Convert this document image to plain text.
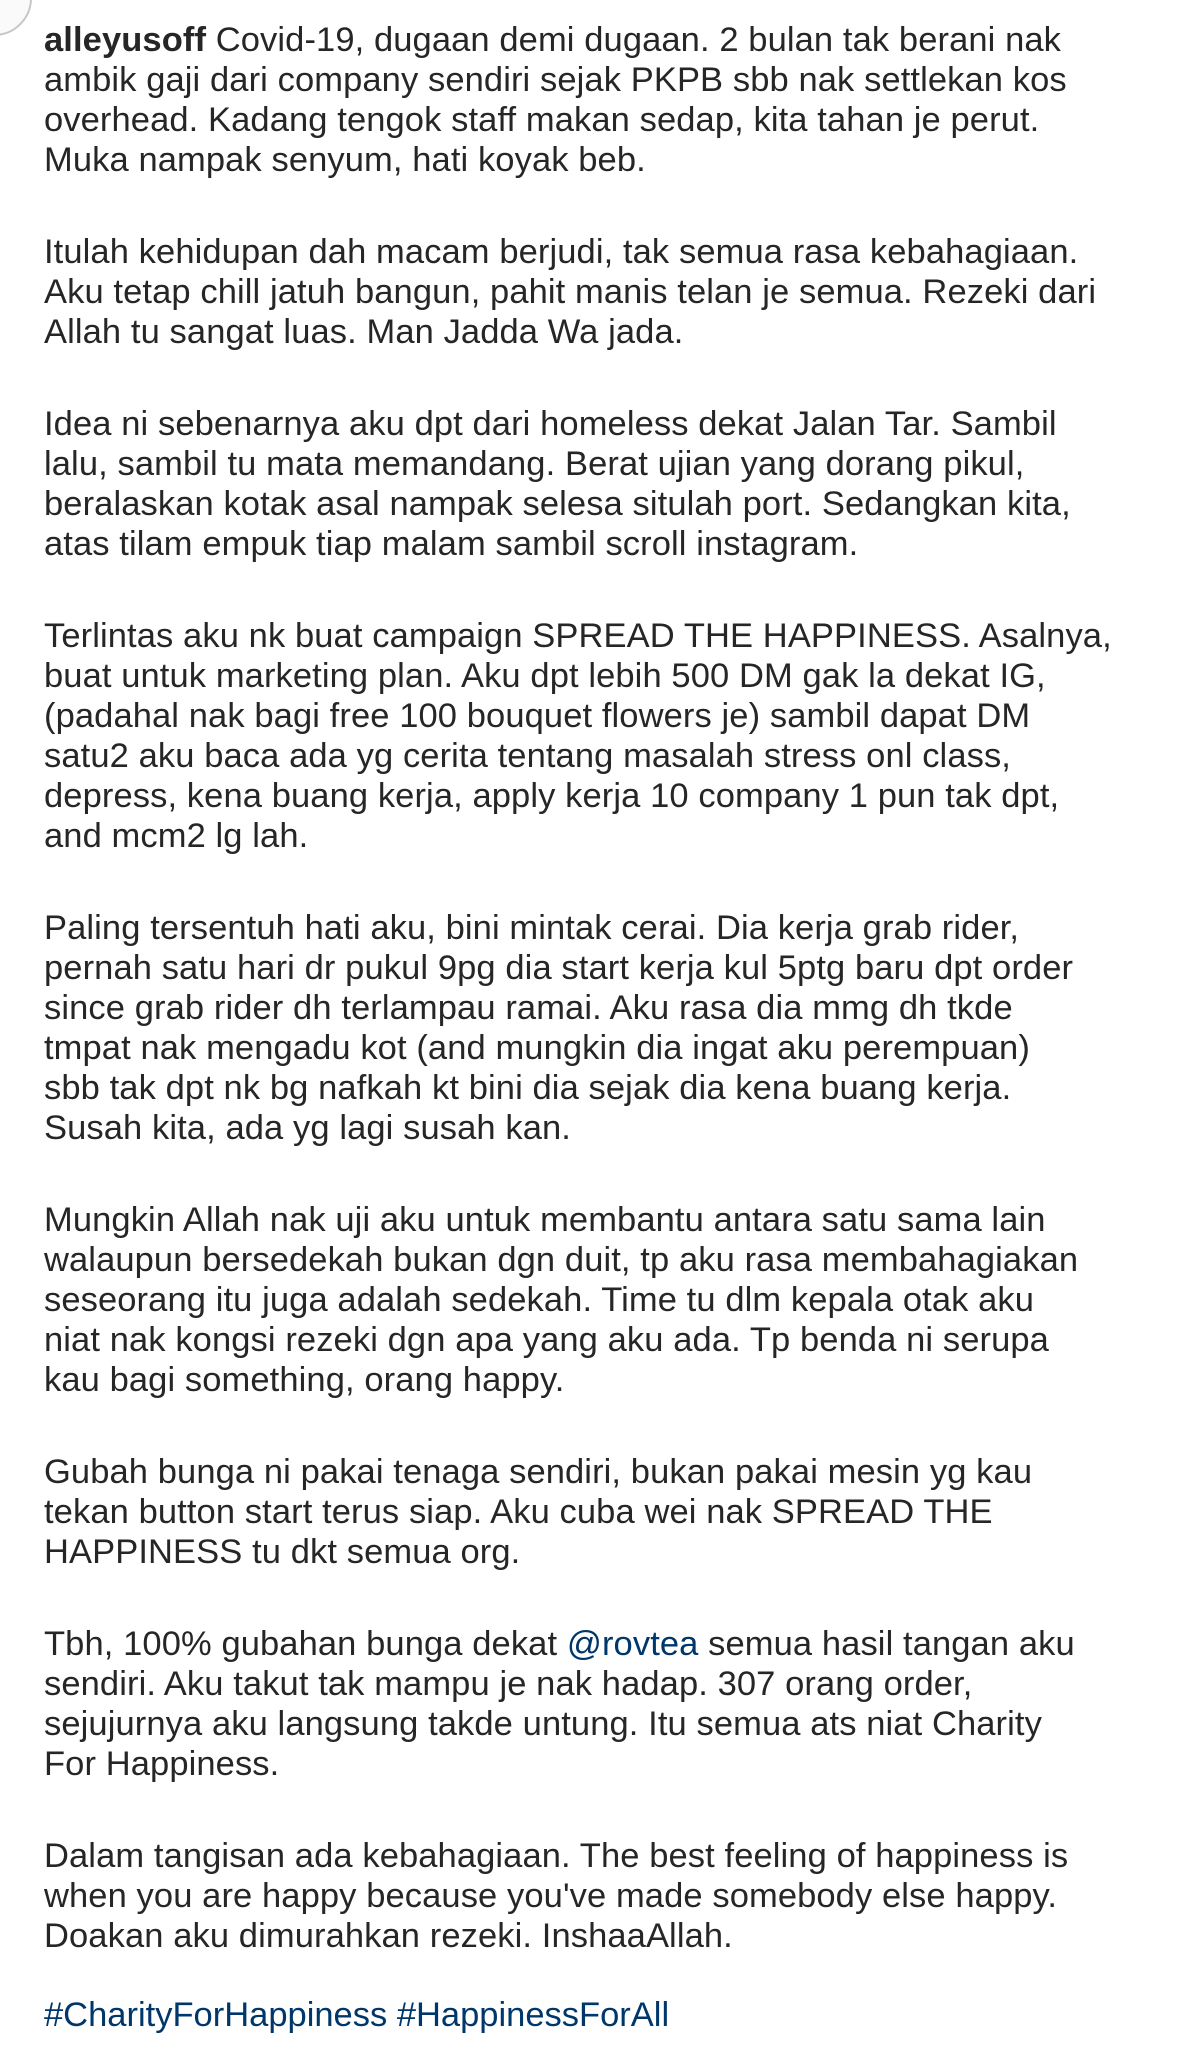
alleyusoff Covid-19, dugaan demi dugaan. 2 bulan tak berani nak
ambik gaji dari company sendiri sejak PKPB sbb nak settlekan kos
overhead. Kadang tengok staff makan sedap, kita tahan je perut.
Muka nampak senyum, hati koyak beb.

Itulah kehidupan dah macam berjudi, tak semua rasa kebahagiaan.
Aku tetap chill jatuh bangun, pahit manis telan je semua. Rezeki dari
Allah tu sangat luas. Man Jadda Wa jada.

Idea ni sebenarnya aku dpt dari homeless dekat Jalan Tar. Sambil
lalu, sambil tu mata memandang. Berat ujian yang dorang pikul,
beralaskan kotak asal nampak selesa situlah port. Sedangkan kita,
atas tilam empuk tiap malam sambil scroll instagram.

Terlintas aku nk buat campaign SPREAD THE HAPPINESS. Asalnya,
buat untuk marketing plan. Aku dpt lebih 500 DM gak la dekat IG,
(padahal nak bagi free 100 bouquet flowers je) sambil dapat DM
satu2 aku baca ada yg cerita tentang masalah stress onl class,
depress, kena buang kerja, apply kerja 10 company 1 pun tak dpt,
and mcm2 lg lah.

Paling tersentuh hati aku, bini mintak cerai. Dia kerja grab rider,
pernah satu hari dr pukul 9pg dia start kerja kul 5ptg baru dpt order
since grab rider dh terlampau ramai. Aku rasa dia mmg dh tkde
tmpat nak mengadu kot (and mungkin dia ingat aku perempuan)
sbb tak dpt nk bg nafkah kt bini dia sejak dia kena buang kerja.
Susah kita, ada yg lagi susah kan.

Mungkin Allah nak uji aku untuk membantu antara satu sama lain
walaupun bersedekah bukan dgn duit, tp aku rasa membahagiakan
seseorang itu juga adalah sedekah. Time tu dlm kepala otak aku
niat nak kongsi rezeki dgn apa yang aku ada. Tp benda ni serupa
kau bagi something, orang happy.

Gubah bunga ni pakai tenaga sendiri, bukan pakai mesin yg kau
tekan button start terus siap. Aku cuba wei nak SPREAD THE
HAPPINESS tu dkt semua org.

Tbh, 100% gubahan bunga dekat @rovtea semua hasil tangan aku
sendiri. Aku takut tak mampu je nak hadap. 307 orang order,
sejujurnya aku langsung takde untung. Itu semua ats niat Charity
For Happiness.

Dalam tangisan ada kebahagiaan. The best feeling of happiness is
when you are happy because you've made somebody else happy.
Doakan aku dimurahkan rezeki. InshaaAllah.

#CharityForHappiness #HappinessForAll
